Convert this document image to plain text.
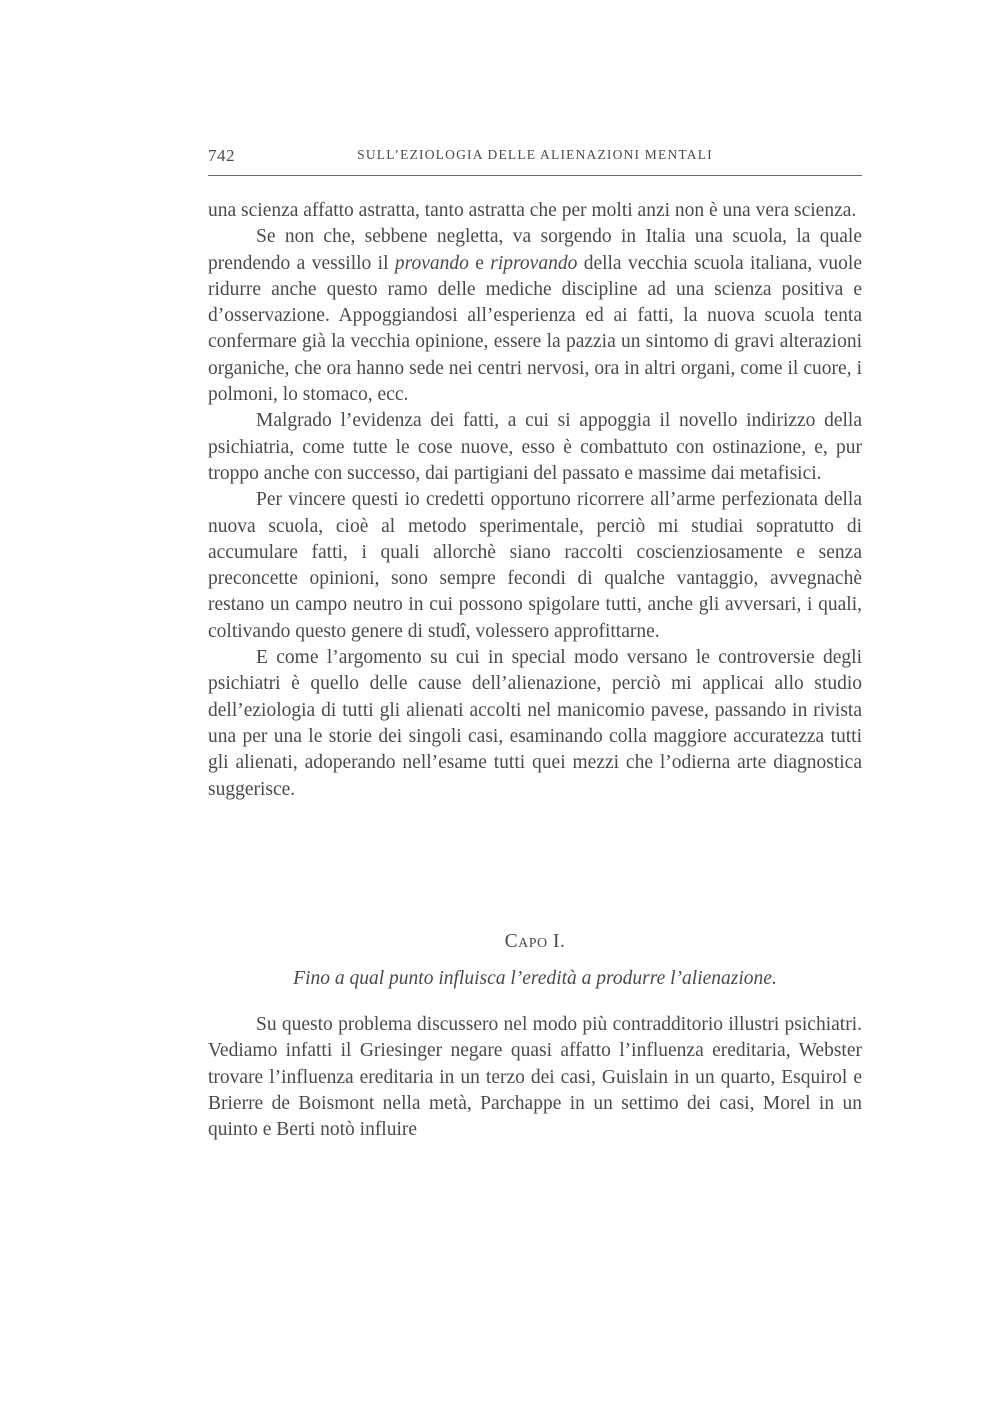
742	SULL’EZIOLOGIA DELLE ALIENAZIONI MENTALI

una scienza affatto astratta, tanto astratta che per molti anzi non è una vera scienza.

Se non che, sebbene negletta, va sorgendo in Italia una scuola, la quale prendendo a vessillo il provando e riprovando della vecchia scuola italiana, vuole ridurre anche questo ramo delle mediche discipline ad una scienza positiva e d’osservazione. Appoggiandosi all’esperienza ed ai fatti, la nuova scuola tenta confermare già la vecchia opinione, essere la pazzia un sintomo di gravi alterazioni organiche, che ora hanno sede nei centri nervosi, ora in altri organi, come il cuore, i polmoni, lo stomaco, ecc.

Malgrado l’evidenza dei fatti, a cui si appoggia il novello indirizzo della psichiatria, come tutte le cose nuove, esso è combattuto con ostinazione, e, pur troppo anche con successo, dai partigiani del passato e massime dai metafisici.

Per vincere questi io credetti opportuno ricorrere all’arme perfezionata della nuova scuola, cioè al metodo sperimentale, perciò mi studiai sopratutto di accumulare fatti, i quali allorchè siano raccolti coscienziosamente e senza preconcette opinioni, sono sempre fecondi di qualche vantaggio, avvegnachè restano un campo neutro in cui possono spigolare tutti, anche gli avversari, i quali, coltivando questo genere di studî, volessero approfittarne.

E come l’argomento su cui in special modo versano le controversie degli psichiatri è quello delle cause dell’alienazione, perciò mi applicai allo studio dell’eziologia di tutti gli alienati accolti nel manicomio pavese, passando in rivista una per una le storie dei singoli casi, esaminando colla maggiore accuratezza tutti gli alienati, adoperando nell’esame tutti quei mezzi che l’odierna arte diagnostica suggerisce.

Capo I.
Fino a qual punto influisca l’eredità a produrre l’alienazione.

Su questo problema discussero nel modo più contradditorio illustri psichiatri. Vediamo infatti il Griesinger negare quasi affatto l’influenza ereditaria, Webster trovare l’influenza ereditaria in un terzo dei casi, Guislain in un quarto, Esquirol e Brierre de Boismont nella metà, Parchappe in un settimo dei casi, Morel in un quinto e Berti notò influire
